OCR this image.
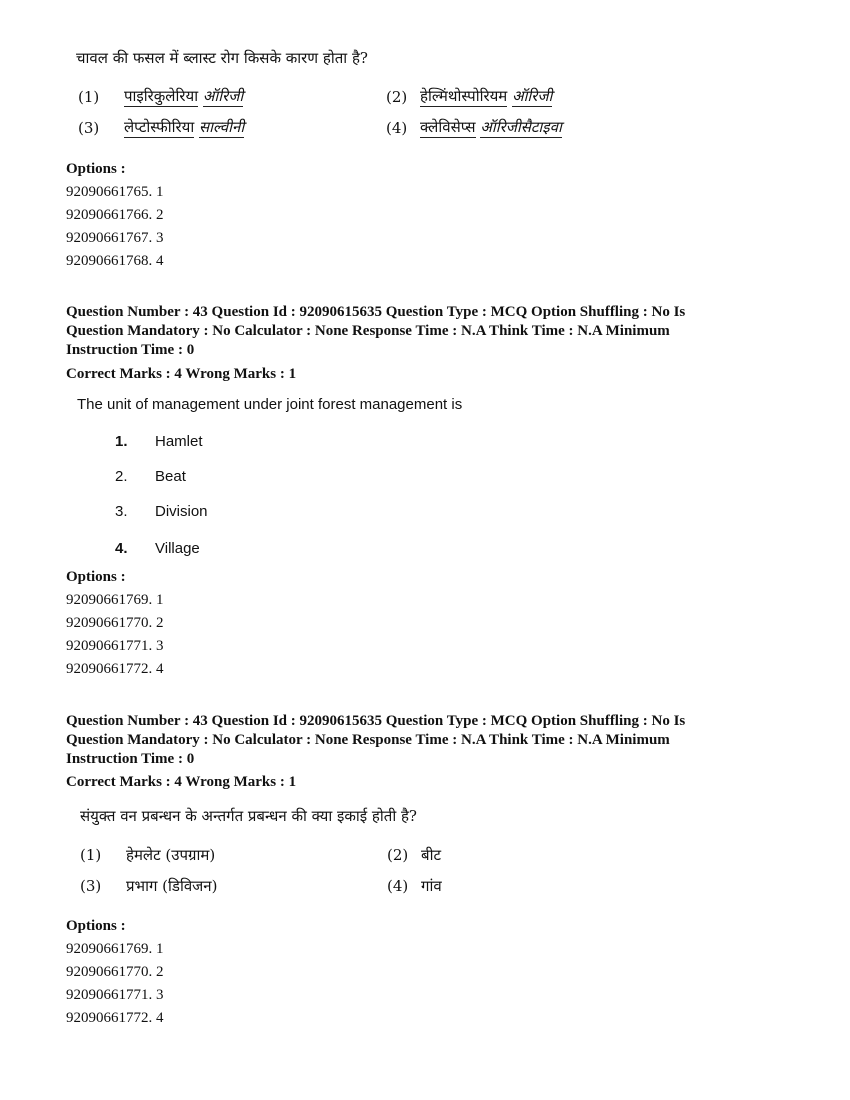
चावल की फसल में ब्लास्ट रोग किसके कारण होता है?
(1) पाइरिकुलेरिया ऑरिजी	(2) हेल्मिंथोस्पोरियम ऑरिजी
(3) लेप्टोस्फीरिया साल्वीनी	(4) क्लेविसेप्स ऑरिजीसैटाइवा
Options :
92090661765. 1
92090661766. 2
92090661767. 3
92090661768. 4
Question Number : 43 Question Id : 92090615635 Question Type : MCQ Option Shuffling : No Is
Question Mandatory : No Calculator : None Response Time : N.A Think Time : N.A Minimum
Instruction Time : 0
Correct Marks : 4 Wrong Marks : 1
The unit of management under joint forest management is
1. Hamlet
2. Beat
3. Division
4. Village
Options :
92090661769. 1
92090661770. 2
92090661771. 3
92090661772. 4
Question Number : 43 Question Id : 92090615635 Question Type : MCQ Option Shuffling : No Is
Question Mandatory : No Calculator : None Response Time : N.A Think Time : N.A Minimum
Instruction Time : 0
Correct Marks : 4 Wrong Marks : 1
संयुक्त वन प्रबन्धन के अन्तर्गत प्रबन्धन की क्या इकाई होती है?
(1) हेमलेट (उपग्राम)	(2) बीट
(3) प्रभाग (डिविजन)	(4) गांव
Options :
92090661769. 1
92090661770. 2
92090661771. 3
92090661772. 4
